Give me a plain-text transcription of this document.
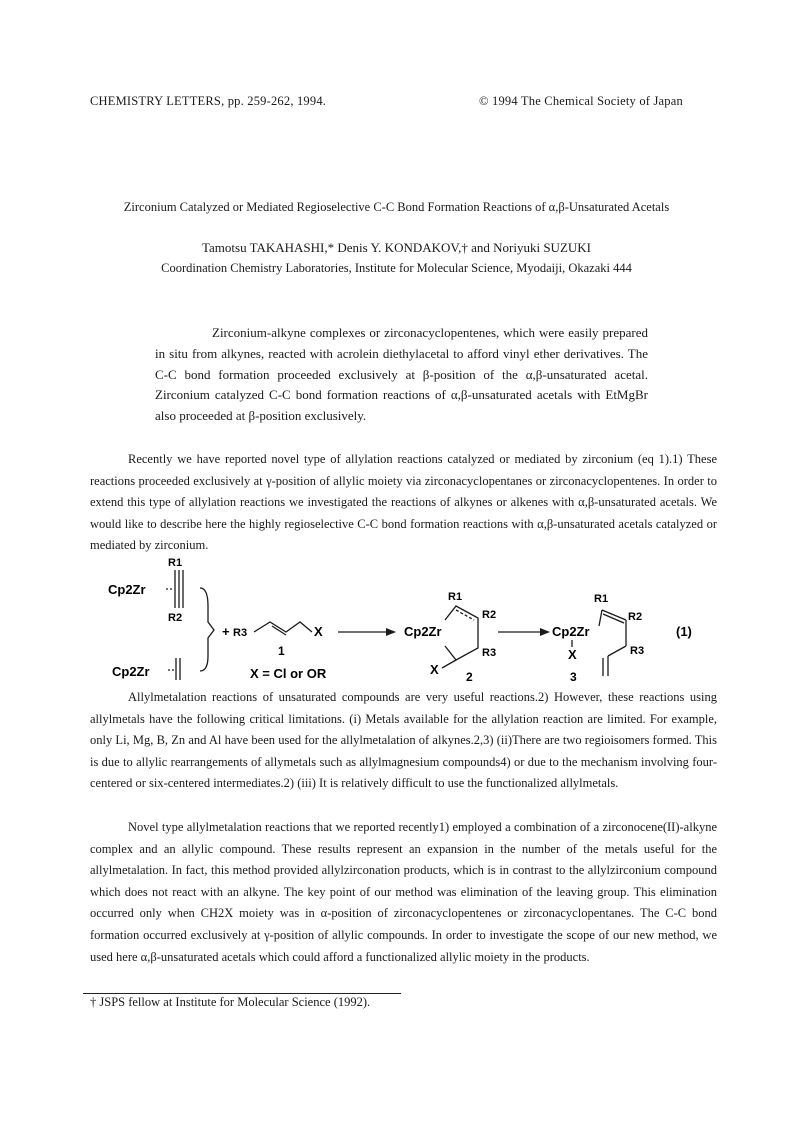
CHEMISTRY LETTERS, pp. 259-262, 1994.	© 1994 The Chemical Society of Japan
Zirconium Catalyzed or Mediated Regioselective C-C Bond Formation Reactions of α,β-Unsaturated Acetals
Tamotsu TAKAHASHI,* Denis Y. KONDAKOV,† and Noriyuki SUZUKI
Coordination Chemistry Laboratories, Institute for Molecular Science, Myodaiji, Okazaki 444

Zirconium-alkyne complexes or zirconacyclopentenes, which were easily prepared in situ from alkynes, reacted with acrolein diethylacetal to afford vinyl ether derivatives. The C-C bond formation proceeded exclusively at β-position of the α,β-unsaturated acetal. Zirconium catalyzed C-C bond formation reactions of α,β-unsaturated acetals with EtMgBr also proceeded at β-position exclusively.

Recently we have reported novel type of allylation reactions catalyzed or mediated by zirconium (eq 1).1) These reactions proceeded exclusively at γ-position of allylic moiety via zirconacyclopentanes or zirconacyclopentenes. In order to extend this type of allylation reactions we investigated the reactions of alkynes or alkenes with α,β-unsaturated acetals. We would like to describe here the highly regioselective C-C bond formation reactions with α,β-unsaturated acetals catalyzed or mediated by zirconium.

Cp2Zr
R1
R2
Cp2Zr
+ R3	X
1
X = Cl or OR
Cp2Zr
R1
R2
R3
X 2
Cp2Zr
R1
R2
R3
X
3
(1)

Allylmetalation reactions of unsaturated compounds are very useful reactions.2) However, these reactions using allylmetals have the following critical limitations. (i) Metals available for the allylation reaction are limited. For example, only Li, Mg, B, Zn and Al have been used for the allylmetalation of alkynes.2,3) (ii)There are two regioisomers formed. This is due to allylic rearrangements of allymetals such as allylmagnesium compounds4) or due to the mechanism involving four-centered or six-centered intermediates.2) (iii) It is relatively difficult to use the functionalized allylmetals.

Novel type allylmetalation reactions that we reported recently1) employed a combination of a zirconocene(II)-alkyne complex and an allylic compound. These results represent an expansion in the number of the metals useful for the allylmetalation. In fact, this method provided allylzirconation products, which is in contrast to the allylzirconium compound which does not react with an alkyne. The key point of our method was elimination of the leaving group. This elimination occurred only when CH2X moiety was in α-position of zirconacyclopentenes or zirconacyclopentanes. The C-C bond formation occurred exclusively at γ-position of allylic compounds. In order to investigate the scope of our new method, we used here α,β-unsaturated acetals which could afford a functionalized allylic moiety in the products.

† JSPS fellow at Institute for Molecular Science (1992).
